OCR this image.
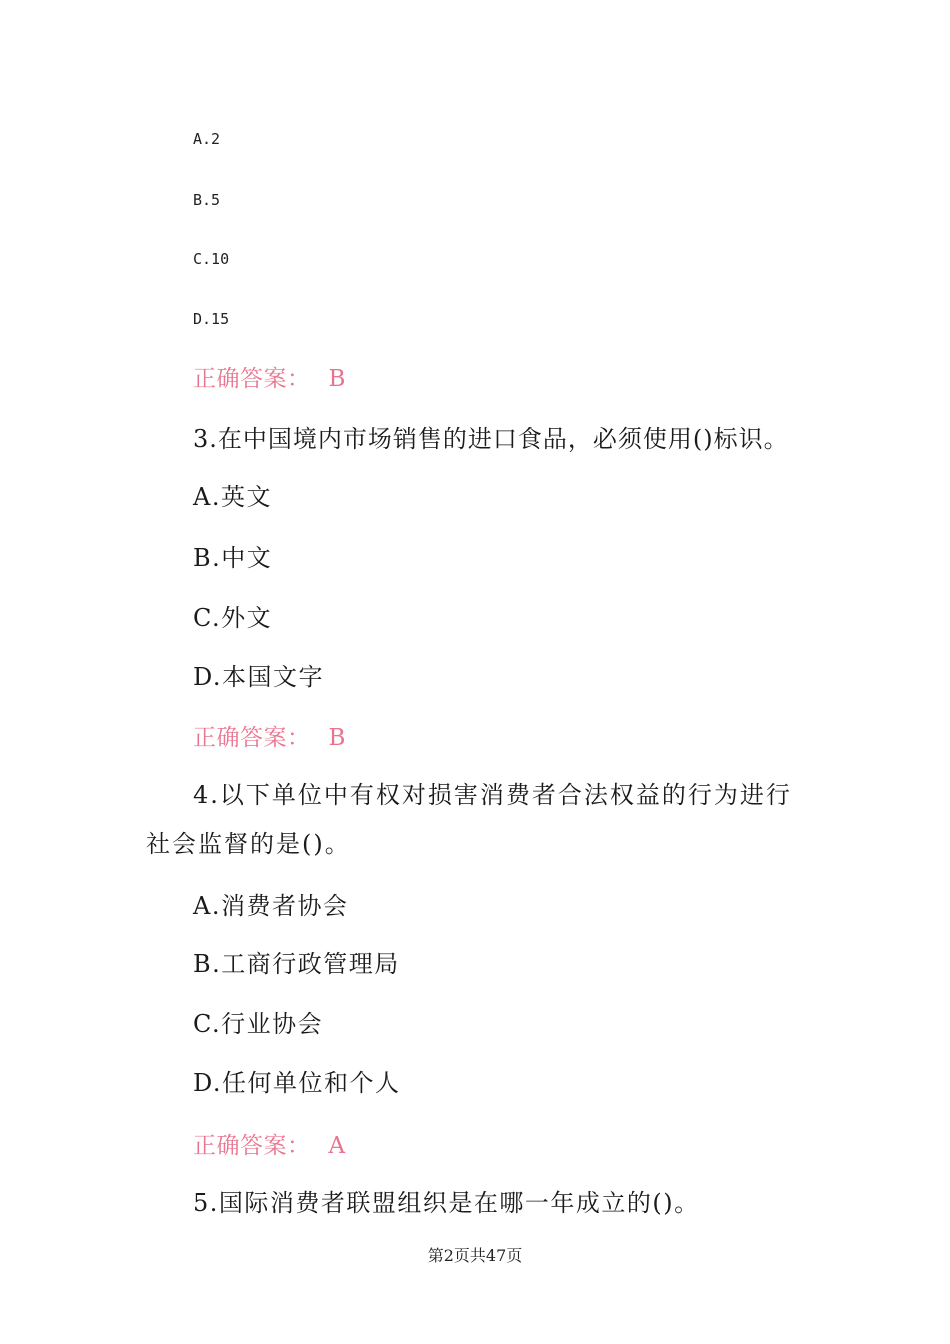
A.2
B.5
C.10
D.15
正确答案： B
3.在中国境内市场销售的进口食品，必须使用()标识。
A.英文
B.中文
C.外文
D.本国文字
正确答案： B
4.以下单位中有权对损害消费者合法权益的行为进行
社会监督的是()。
A.消费者协会
B.工商行政管理局
C.行业协会
D.任何单位和个人
正确答案： A
5.国际消费者联盟组织是在哪一年成立的()。
第2页共47页
